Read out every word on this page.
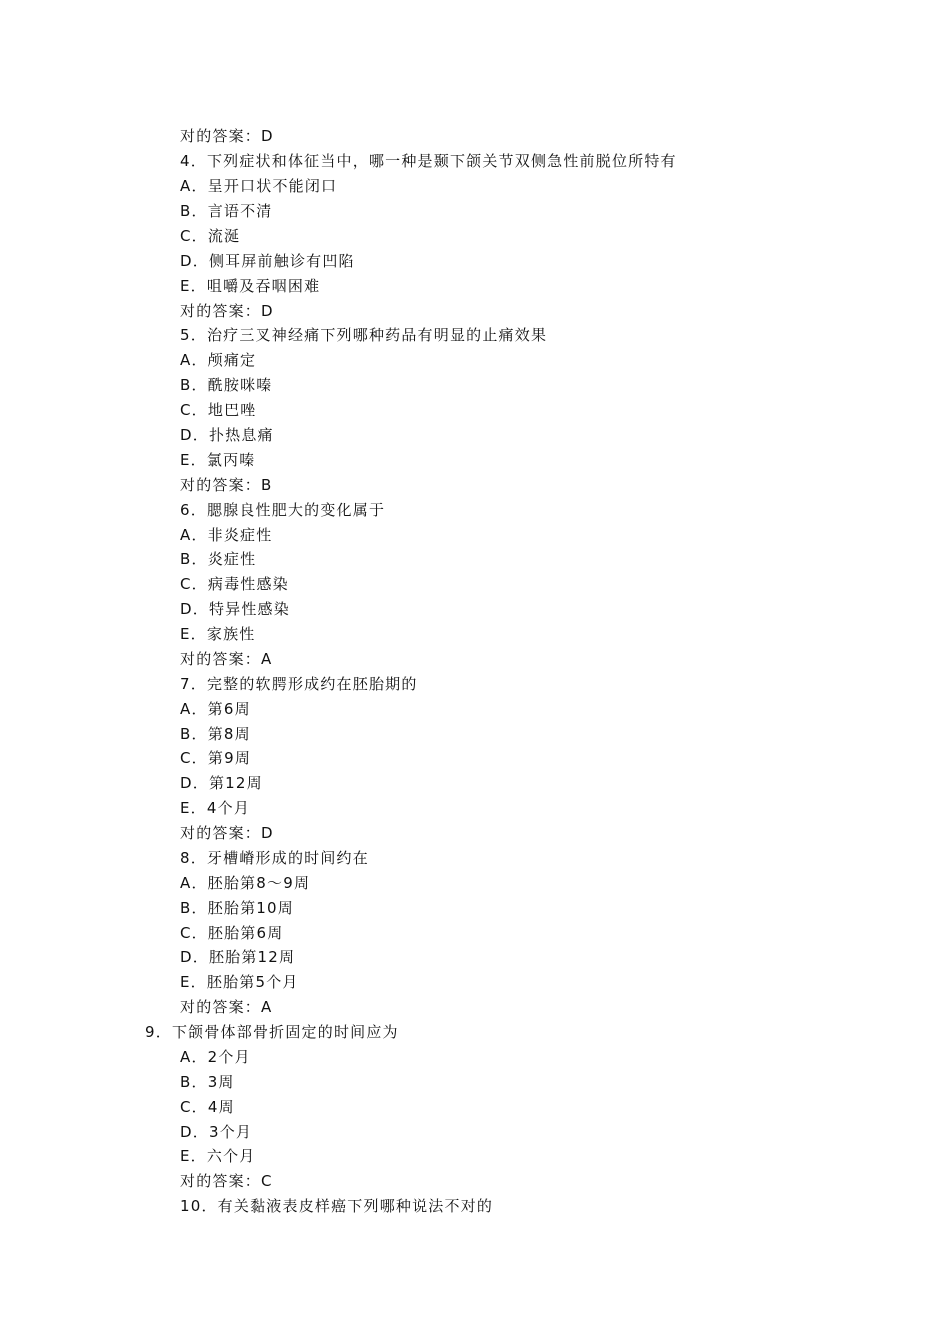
对的答案：D
4．下列症状和体征当中，哪一种是颞下颌关节双侧急性前脱位所特有
A．呈开口状不能闭口
B．言语不清
C．流涎
D．侧耳屏前触诊有凹陷
E．咀嚼及吞咽困难
对的答案：D
5．治疗三叉神经痛下列哪种药品有明显的止痛效果
A．颅痛定
B．酰胺咪嗪
C．地巴唑
D．扑热息痛
E．氯丙嗪
对的答案：B
6．腮腺良性肥大的变化属于
A．非炎症性
B．炎症性
C．病毒性感染
D．特异性感染
E．家族性
对的答案：A
7．完整的软腭形成约在胚胎期的
A．第6周
B．第8周
C．第9周
D．第12周
E．4个月
对的答案：D
8．牙槽嵴形成的时间约在
A．胚胎第8～9周
B．胚胎第10周
C．胚胎第6周
D．胚胎第12周
E．胚胎第5个月
对的答案：A
9．下颌骨体部骨折固定的时间应为
A．2个月
B．3周
C．4周
D．3个月
E．六个月
对的答案：C
10．有关黏液表皮样癌下列哪种说法不对的
